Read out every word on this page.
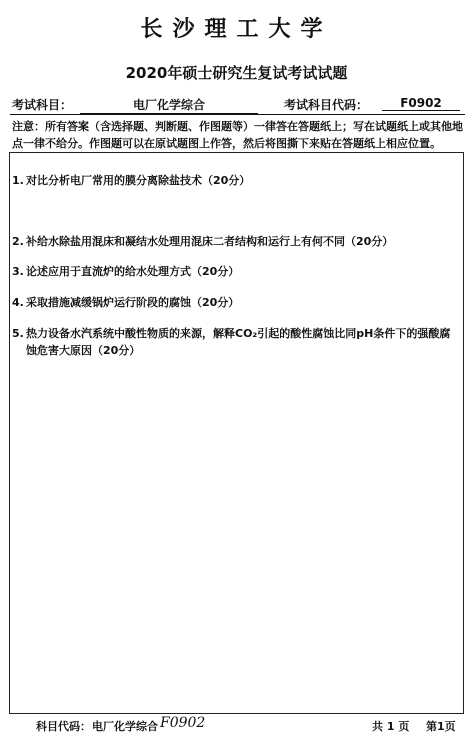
长沙理工大学
2020年硕士研究生复试考试试题
考试科目：	电厂化学综合	考试科目代码：	F0902
注意：所有答案（含选择题、判断题、作图题等）一律答在答题纸上；写在试题纸上或其他地点一律不给分。作图题可以在原试题图上作答，然后将图撕下来贴在答题纸上相应位置。
1. 对比分析电厂常用的膜分离除盐技术（20分）
2. 补给水除盐用混床和凝结水处理用混床二者结构和运行上有何不同（20分）
3. 论述应用于直流炉的给水处理方式（20分）
4. 采取措施减缓锅炉运行阶段的腐蚀（20分）
5. 热力设备水汽系统中酸性物质的来源，解释CO₂引起的酸性腐蚀比同pH条件下的强酸腐蚀危害大原因（20分）
科目代码： 电厂化学综合 F0902	共 1 页 第1页
